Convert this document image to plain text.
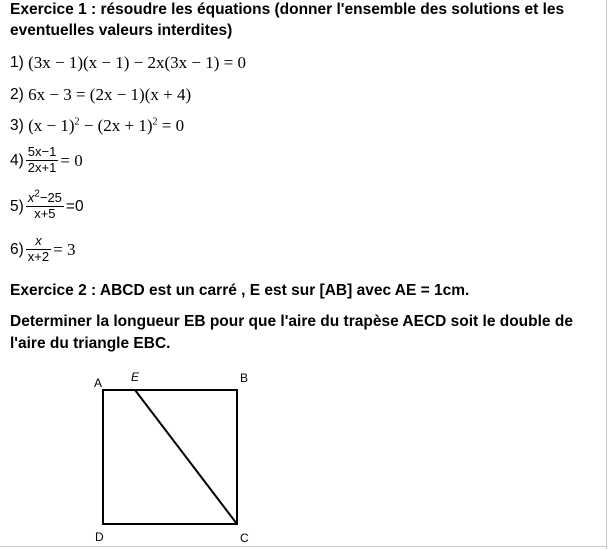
Exercice 1 : résoudre les équations (donner l'ensemble des solutions et les
eventuelles valeurs interdites)
1)
(3x − 1)(x − 1) − 2x(3x − 1) = 0
2)
6x − 3 = (2x − 1)(x + 4)
3)
$(x - 1)^2 - (2x + 1)^2 = 0$
$4) \frac{5x-1}{2x+1} = 0$
$5) \frac{x^2-25}{x+5} =0$
$6) \frac{x}{x+2} = 3$
Exercice 2 : ABCD est un carré , E est sur [AB] avec AE = 1cm.
Determiner la longueur EB pour que l'aire du trapèse AECD soit le double de
l'aire du triangle EBC.
A E	B
D	C
